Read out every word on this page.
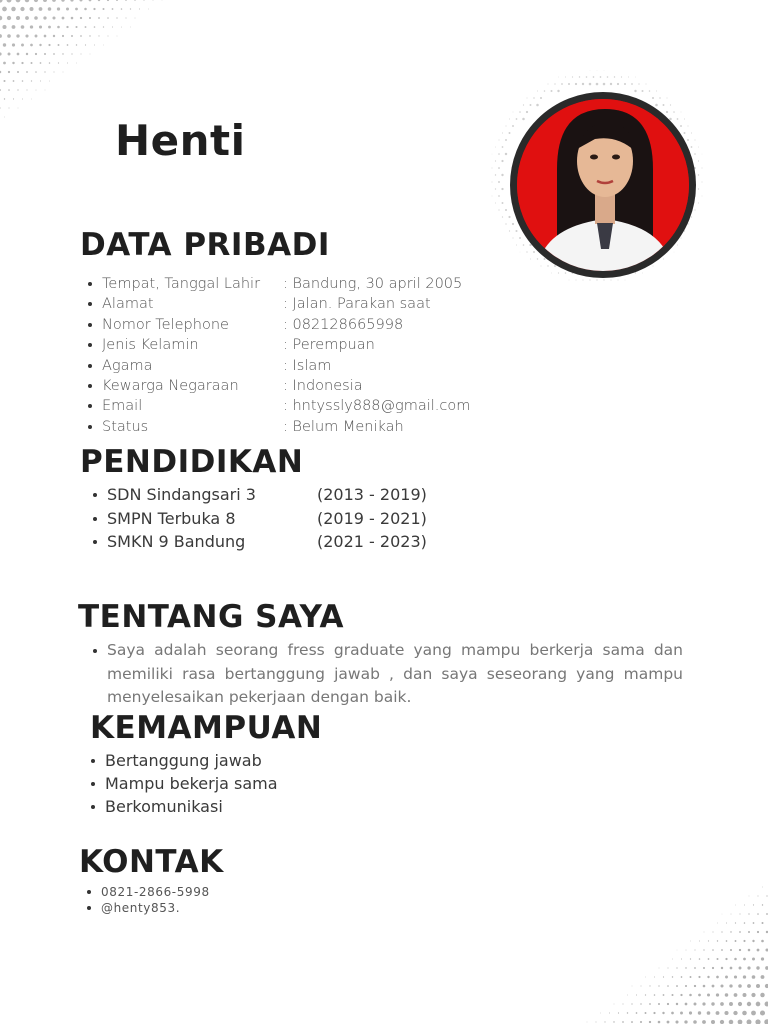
Henti
DATA PRIBADI
Tempat, Tanggal Lahir : Bandung, 30 april 2005
Alamat	: Jalan. Parakan saat
Nomor Telephone	: 082128665998
Jenis Kelamin	: Perempuan
Agama	: Islam
Kewarga Negaraan	: Indonesia
Email	: hntyssly888@gmail.com
Status	: Belum Menikah
PENDIDIKAN
SDN Sindangsari 3	(2013 - 2019)
SMPN Terbuka 8	(2019 - 2021)
SMKN 9 Bandung	(2021 - 2023)
TENTANG SAYA
Saya adalah seorang fress graduate yang mampu berkerja sama dan memiliki rasa bertanggung jawab , dan saya seseorang yang mampu menyelesaikan pekerjaan dengan baik.
KEMAMPUAN
Bertanggung jawab
Mampu bekerja sama
Berkomunikasi
KONTAK
0821-2866-5998
@henty853.
